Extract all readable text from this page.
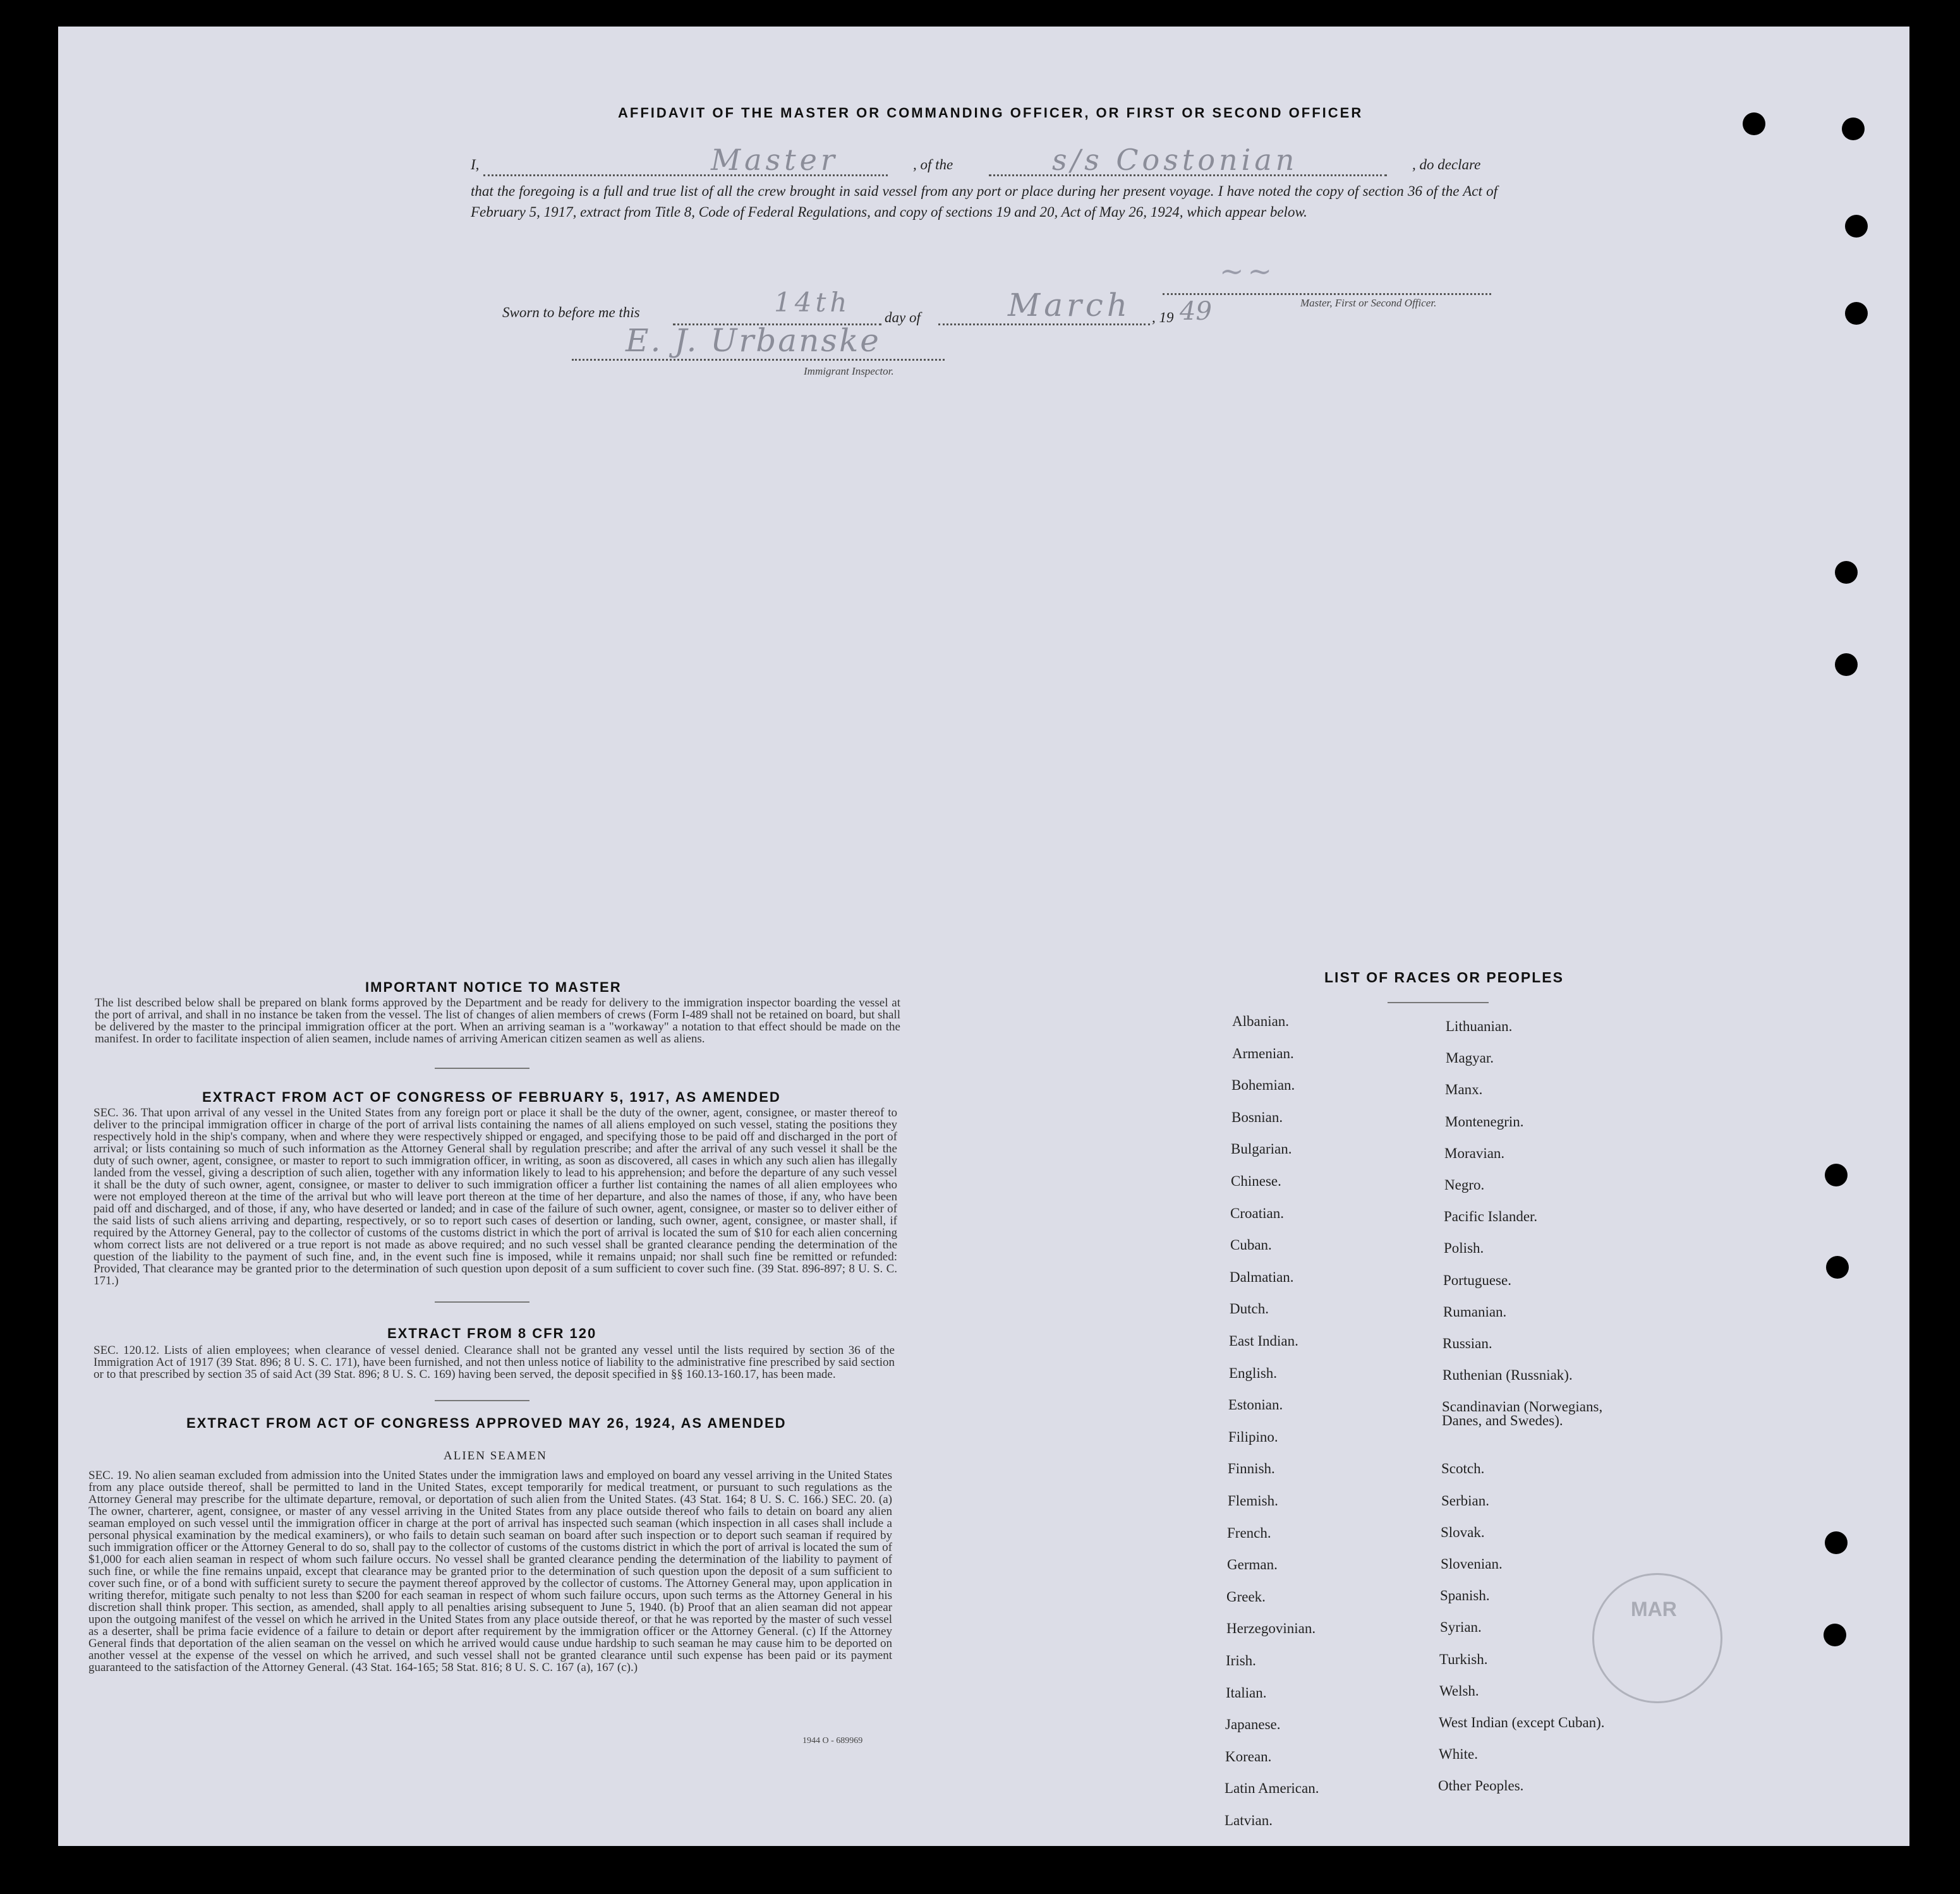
AFFIDAVIT OF THE MASTER OR COMMANDING OFFICER, OR FIRST OR SECOND OFFICER
I,	Master	, of the	s/s Costonian	, do declare
that the foregoing is a full and true list of all the crew brought in said vessel from any port or place during her present voyage. I have noted the copy of section 36 of the Act of February 5, 1917, extract from Title 8, Code of Federal Regulations, and copy of sections 19 and 20, Act of May 26, 1924, which appear below.
~~
Master, First or Second Officer.
Sworn to before me this	14th day of	March , 19 49
E. J. Urbanske
Immigrant Inspector.
IMPORTANT NOTICE TO MASTER
The list described below shall be prepared on blank forms approved by the Department and be ready for delivery to the immigration inspector boarding the vessel at the port of arrival, and shall in no instance be taken from the vessel. The list of changes of alien members of crews (Form I-489 shall not be retained on board, but shall be delivered by the master to the principal immigration officer at the port. When an arriving seaman is a "workaway" a notation to that effect should be made on the manifest. In order to facilitate inspection of alien seamen, include names of arriving American citizen seamen as well as aliens.
EXTRACT FROM ACT OF CONGRESS OF FEBRUARY 5, 1917, AS AMENDED
SEC. 36. That upon arrival of any vessel in the United States from any foreign port or place it shall be the duty of the owner, agent, consignee, or master thereof to deliver to the principal immigration officer in charge of the port of arrival lists containing the names of all aliens employed on such vessel, stating the positions they respectively hold in the ship's company, when and where they were respectively shipped or engaged, and specifying those to be paid off and discharged in the port of arrival; or lists containing so much of such information as the Attorney General shall by regulation prescribe; and after the arrival of any such vessel it shall be the duty of such owner, agent, consignee, or master to report to such immigration officer, in writing, as soon as discovered, all cases in which any such alien has illegally landed from the vessel, giving a description of such alien, together with any information likely to lead to his apprehension; and before the departure of any such vessel it shall be the duty of such owner, agent, consignee, or master to deliver to such immigration officer a further list containing the names of all alien employees who were not employed thereon at the time of the arrival but who will leave port thereon at the time of her departure, and also the names of those, if any, who have been paid off and discharged, and of those, if any, who have deserted or landed; and in case of the failure of such owner, agent, consignee, or master so to deliver either of the said lists of such aliens arriving and departing, respectively, or so to report such cases of desertion or landing, such owner, agent, consignee, or master shall, if required by the Attorney General, pay to the collector of customs of the customs district in which the port of arrival is located the sum of $10 for each alien concerning whom correct lists are not delivered or a true report is not made as above required; and no such vessel shall be granted clearance pending the determination of the question of the liability to the payment of such fine, and, in the event such fine is imposed, while it remains unpaid; nor shall such fine be remitted or refunded: Provided, That clearance may be granted prior to the determination of such question upon deposit of a sum sufficient to cover such fine. (39 Stat. 896-897; 8 U. S. C. 171.)
EXTRACT FROM 8 CFR 120
SEC. 120.12. Lists of alien employees; when clearance of vessel denied. Clearance shall not be granted any vessel until the lists required by section 36 of the Immigration Act of 1917 (39 Stat. 896; 8 U. S. C. 171), have been furnished, and not then unless notice of liability to the administrative fine prescribed by said section or to that prescribed by section 35 of said Act (39 Stat. 896; 8 U. S. C. 169) having been served, the deposit specified in §§ 160.13-160.17, has been made.
EXTRACT FROM ACT OF CONGRESS APPROVED MAY 26, 1924, AS AMENDED
ALIEN SEAMEN
SEC. 19. No alien seaman excluded from admission into the United States under the immigration laws and employed on board any vessel arriving in the United States from any place outside thereof, shall be permitted to land in the United States, except temporarily for medical treatment, or pursuant to such regulations as the Attorney General may prescribe for the ultimate departure, removal, or deportation of such alien from the United States. (43 Stat. 164; 8 U. S. C. 166.) SEC. 20. (a) The owner, charterer, agent, consignee, or master of any vessel arriving in the United States from any place outside thereof who fails to detain on board any alien seaman employed on such vessel until the immigration officer in charge at the port of arrival has inspected such seaman (which inspection in all cases shall include a personal physical examination by the medical examiners), or who fails to detain such seaman on board after such inspection or to deport such seaman if required by such immigration officer or the Attorney General to do so, shall pay to the collector of customs of the customs district in which the port of arrival is located the sum of $1,000 for each alien seaman in respect of whom such failure occurs. No vessel shall be granted clearance pending the determination of the liability to payment of such fine, or while the fine remains unpaid, except that clearance may be granted prior to the determination of such question upon the deposit of a sum sufficient to cover such fine, or of a bond with sufficient surety to secure the payment thereof approved by the collector of customs. The Attorney General may, upon application in writing therefor, mitigate such penalty to not less than $200 for each seaman in respect of whom such failure occurs, upon such terms as the Attorney General in his discretion shall think proper. This section, as amended, shall apply to all penalties arising subsequent to June 5, 1940. (b) Proof that an alien seaman did not appear upon the outgoing manifest of the vessel on which he arrived in the United States from any place outside thereof, or that he was reported by the master of such vessel as a deserter, shall be prima facie evidence of a failure to detain or deport after requirement by the immigration officer or the Attorney General. (c) If the Attorney General finds that deportation of the alien seaman on the vessel on which he arrived would cause undue hardship to such seaman he may cause him to be deported on another vessel at the expense of the vessel on which he arrived, and such vessel shall not be granted clearance until such expense has been paid or its payment guaranteed to the satisfaction of the Attorney General. (43 Stat. 164-165; 58 Stat. 816; 8 U. S. C. 167 (a), 167 (c).)
1944 O - 689969
LIST OF RACES OR PEOPLES
Albanian.
Armenian.
Bohemian.
Bosnian.
Bulgarian.
Chinese.
Croatian.
Cuban.
Dalmatian.
Dutch.
East Indian.
English.
Estonian.
Filipino.
Finnish.
Flemish.
French.
German.
Greek.
Herzegovinian.
Irish.
Italian.
Japanese.
Korean.
Latin American.
Latvian.
Lithuanian.
Magyar.
Manx.
Montenegrin.
Moravian.
Negro.
Pacific Islander.
Polish.
Portuguese.
Rumanian.
Russian.
Ruthenian (Russniak).
Scandinavian (Norwegians,
Danes, and Swedes).
Scotch.
Serbian.
Slovak.
Slovenian.
Spanish.
Syrian.
Turkish.
Welsh.
West Indian (except Cuban).
White.
Other Peoples.
MAR
